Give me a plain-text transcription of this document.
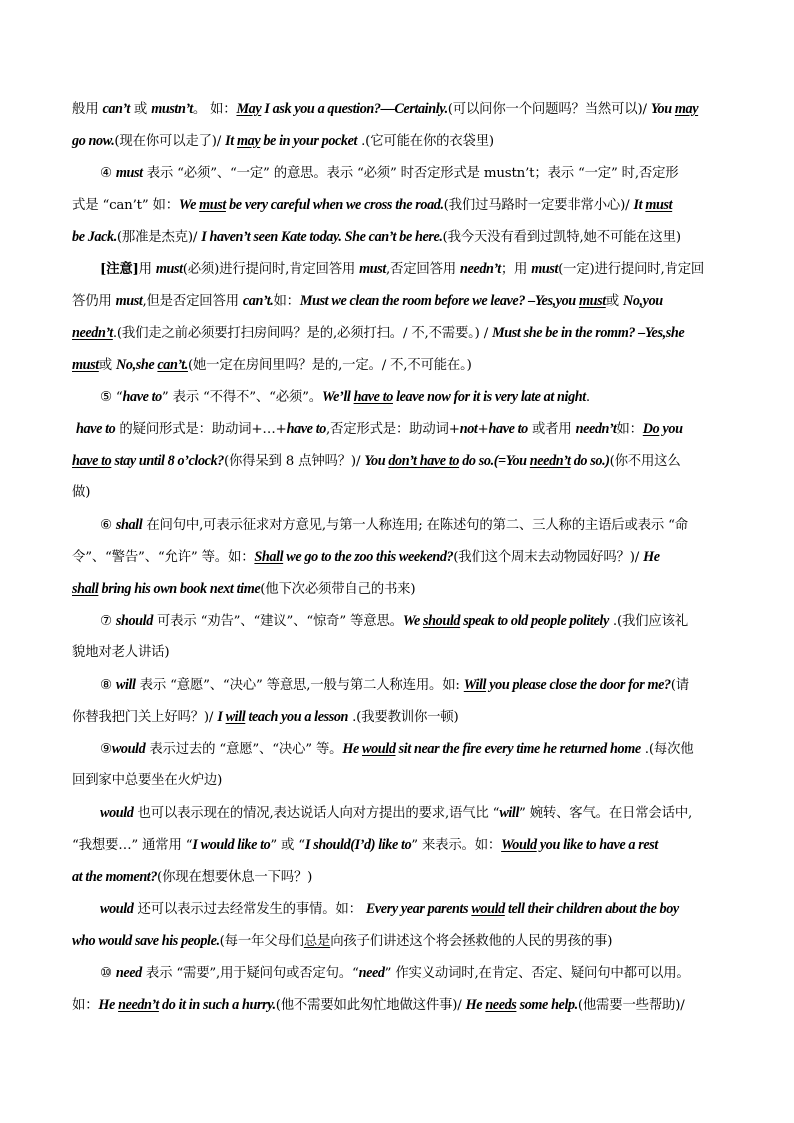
般用 can’t 或 mustn’t。 如：May I ask you a question?—Certainly.(可以问你一个问题吗？当然可以)/ You may
go now.(现在你可以走了)/ It may be in your pocket .(它可能在你的衣袋里)
④ must 表示 “必须”、“一定” 的意思。表示 “必须” 时否定形式是 mustn’t；表示 “一定” 时,否定形
式是 “can’t” 如：We must be very careful when we cross the road.(我们过马路时一定要非常小心)/ It must
be Jack.(那准是杰克)/ I haven’t seen Kate today. She can’t be here.(我今天没有看到过凯特,她不可能在这里)
[注意]用 must(必须)进行提问时,肯定回答用 must,否定回答用 needn’t；用 must(一定)进行提问时,肯定回
答仍用 must,但是否定回答用 can’t.如：Must we clean the room before we leave? –Yes,you must或 No,you
needn’t.(我们走之前必须要打扫房间吗？是的,必须打扫。/ 不,不需要。) / Must she be in the romm? –Yes,she
must或 No,she can’t.(她一定在房间里吗？是的,一定。/ 不,不可能在。)
⑤ “have to” 表示 “不得不”、“必须”。We’ll have to leave now for it is very late at night.
have to 的疑问形式是：助动词+…+have to,否定形式是：助动词+not+have to 或者用 needn’t如：Do you
have to stay until 8 o’clock?(你得呆到 8 点钟吗？)/ You don’t have to do so.(=You needn’t do so.)(你不用这么
做)
⑥ shall 在问句中,可表示征求对方意见,与第一人称连用; 在陈述句的第二、三人称的主语后或表示 “命
令”、“警告”、“允许” 等。如：Shall we go to the zoo this weekend?(我们这个周末去动物园好吗？)/ He
shall bring his own book next time(他下次必须带自己的书来)
⑦ should 可表示 “劝告”、“建议”、“惊奇” 等意思。We should speak to old people politely .(我们应该礼
貌地对老人讲话)
⑧ will 表示 “意愿”、“决心” 等意思,一般与第二人称连用。如: Will you please close the door for me?(请
你替我把门关上好吗？)/ I will teach you a lesson .(我要教训你一顿)
⑨would 表示过去的 “意愿”、“决心” 等。He would sit near the fire every time he returned home .(每次他
回到家中总要坐在火炉边)
would 也可以表示现在的情况,表达说话人向对方提出的要求,语气比 “will” 婉转、客气。在日常会话中,
“我想要…” 通常用 “I would like to” 或 “I should(I’d) like to” 来表示。如：Would you like to have a rest
at the moment?(你现在想要休息一下吗？)
would 还可以表示过去经常发生的事情。如： Every year parents would tell their children about the boy
who would save his people.(每一年父母们总是向孩子们讲述这个将会拯救他的人民的男孩的事)
⑩ need 表示 “需要”,用于疑问句或否定句。“need” 作实义动词时,在肯定、否定、疑问句中都可以用。
如：He needn’t do it in such a hurry.(他不需要如此匆忙地做这件事)/ He needs some help.(他需要一些帮助)/
